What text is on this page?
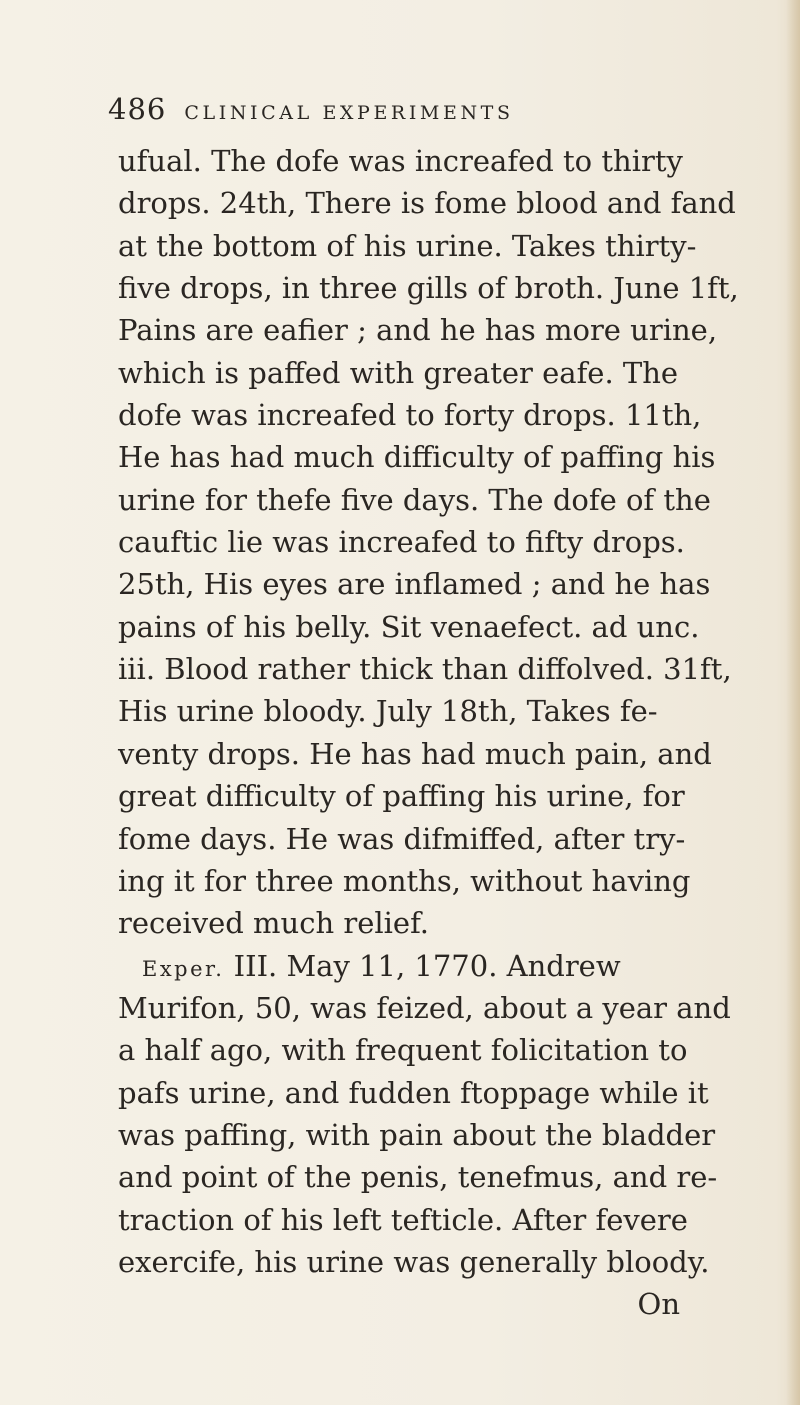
486 CLINICAL EXPERIMENTS
ufual. The dofe was increafed to thirty
drops. 24th, There is fome blood and fand
at the bottom of his urine. Takes thirty-
five drops, in three gills of broth. June 1ft,
Pains are eafier ; and he has more urine,
which is paffed with greater eafe. The
dofe was increafed to forty drops. 11th,
He has had much difficulty of paffing his
urine for thefe five days. The dofe of the
cauftic lie was increafed to fifty drops.
25th, His eyes are inflamed ; and he has
pains of his belly. Sit venaefect. ad unc.
iii. Blood rather thick than diffolved. 31ft,
His urine bloody. July 18th, Takes fe-
venty drops. He has had much pain, and
great difficulty of paffing his urine, for
fome days. He was difmiffed, after try-
ing it for three months, without having
received much relief.
Exper. III. May 11, 1770. Andrew
Murifon, 50, was feized, about a year and
a half ago, with frequent folicitation to
pafs urine, and fudden ftoppage while it
was paffing, with pain about the bladder
and point of the penis, tenefmus, and re-
traction of his left tefticle. After fevere
exercife, his urine was generally bloody.
On
